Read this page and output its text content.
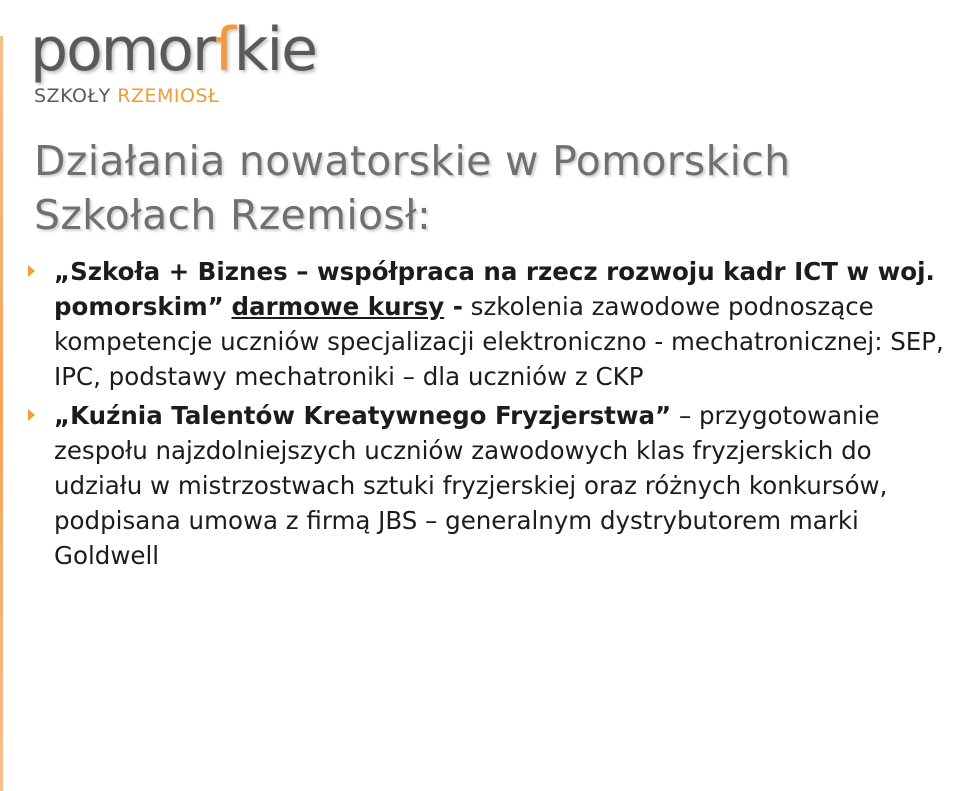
pomorſkie
SZKOŁY RZEMIOSŁ
Działania nowatorskie w Pomorskich Szkołach Rzemiosł:
„Szkoła + Biznes – współpraca na rzecz rozwoju kadr ICT w woj. pomorskim” darmowe kursy - szkolenia zawodowe podnoszące kompetencje uczniów specjalizacji elektroniczno - mechatronicznej: SEP, IPC, podstawy mechatroniki – dla uczniów z CKP
„Kuźnia Talentów Kreatywnego Fryzjerstwa” – przygotowanie zespołu najzdolniejszych uczniów zawodowych klas fryzjerskich do udziału w mistrzostwach sztuki fryzjerskiej oraz różnych konkursów, podpisana umowa z firmą JBS – generalnym dystrybutorem marki Goldwell
